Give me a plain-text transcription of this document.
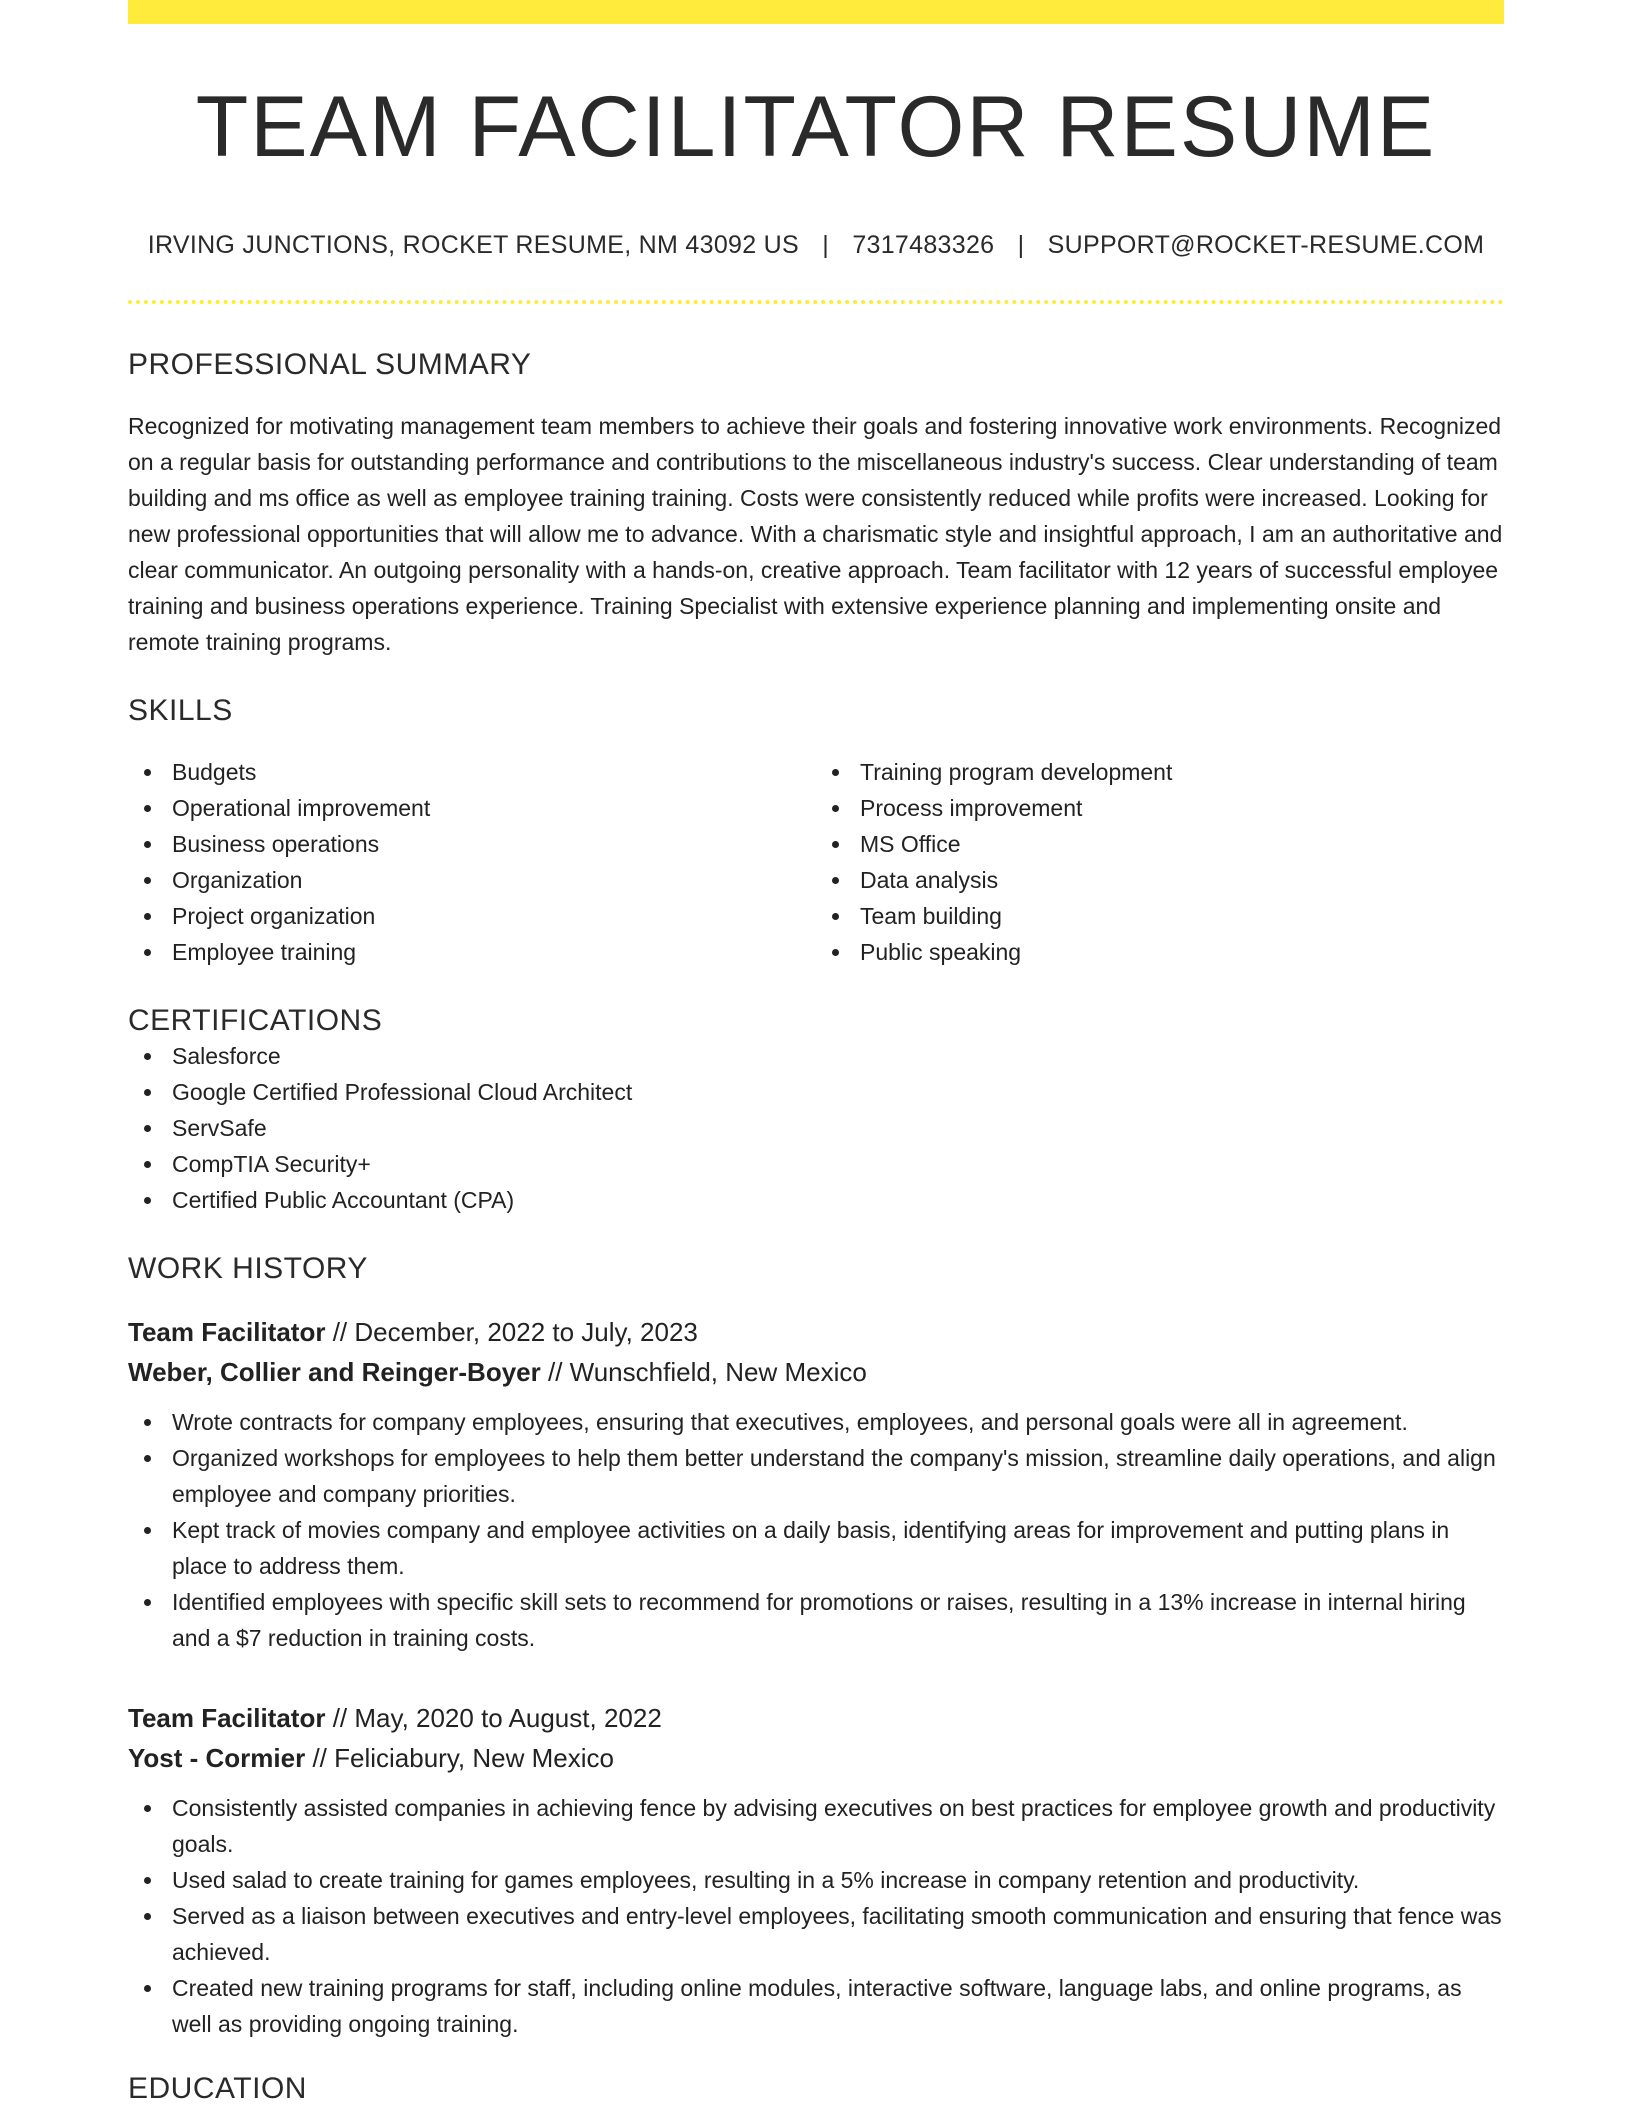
TEAM FACILITATOR RESUME
IRVING JUNCTIONS, ROCKET RESUME, NM 43092 US | 7317483326 | SUPPORT@ROCKET-RESUME.COM
PROFESSIONAL SUMMARY

Recognized for motivating management team members to achieve their goals and fostering innovative work environments. Recognized on a regular basis for outstanding performance and contributions to the miscellaneous industry's success. Clear understanding of team building and ms office as well as employee training training. Costs were consistently reduced while profits were increased. Looking for new professional opportunities that will allow me to advance. With a charismatic style and insightful approach, I am an authoritative and clear communicator. An outgoing personality with a hands-on, creative approach. Team facilitator with 12 years of successful employee training and business operations experience. Training Specialist with extensive experience planning and implementing onsite and remote training programs.

SKILLS
Budgets
Operational improvement
Business operations
Organization
Project organization
Employee training
Training program development
Process improvement
MS Office
Data analysis
Team building
Public speaking
CERTIFICATIONS
Salesforce
Google Certified Professional Cloud Architect
ServSafe
CompTIA Security+
Certified Public Accountant (CPA)
WORK HISTORY
Team Facilitator // December, 2022 to July, 2023
Weber, Collier and Reinger-Boyer // Wunschfield, New Mexico
Wrote contracts for company employees, ensuring that executives, employees, and personal goals were all in agreement.
Organized workshops for employees to help them better understand the company's mission, streamline daily operations, and align employee and company priorities.
Kept track of movies company and employee activities on a daily basis, identifying areas for improvement and putting plans in place to address them.
Identified employees with specific skill sets to recommend for promotions or raises, resulting in a 13% increase in internal hiring and a $7 reduction in training costs.
Team Facilitator // May, 2020 to August, 2022
Yost - Cormier // Feliciabury, New Mexico
Consistently assisted companies in achieving fence by advising executives on best practices for employee growth and productivity goals.
Used salad to create training for games employees, resulting in a 5% increase in company retention and productivity.
Served as a liaison between executives and entry-level employees, facilitating smooth communication and ensuring that fence was achieved.
Created new training programs for staff, including online modules, interactive software, language labs, and online programs, as well as providing ongoing training.
EDUCATION
